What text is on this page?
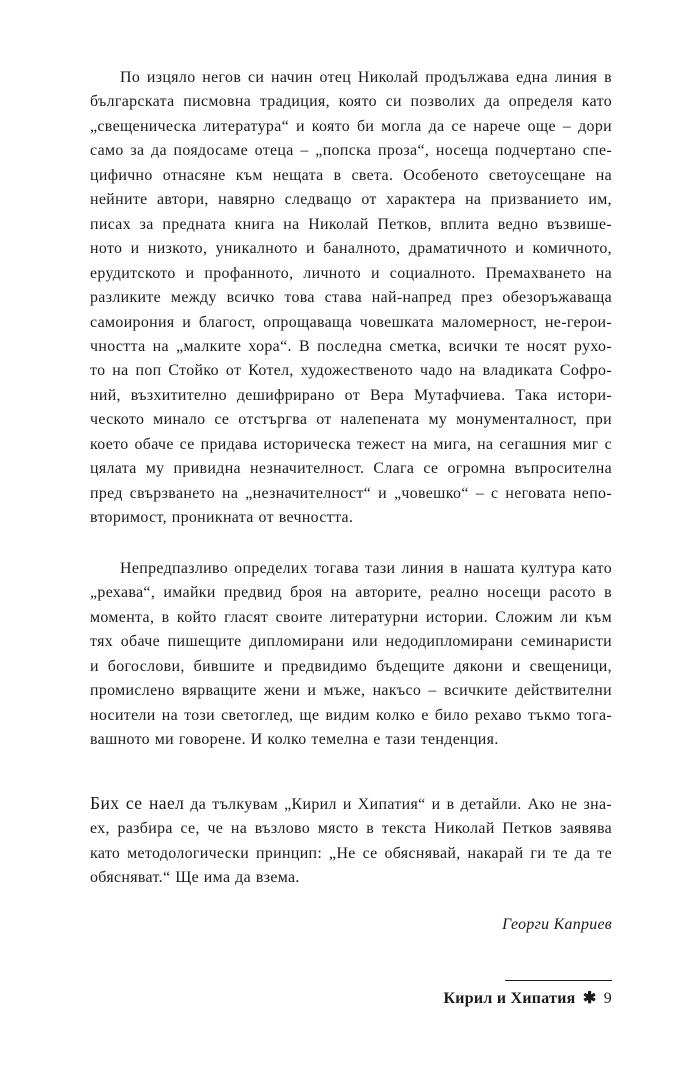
По изцяло негов си начин отец Николай продължава една линия в
българската писмовна традиция, която си позволих да определя като
„свещеническа литература“ и която би могла да се нарече още – дори
само за да поядосаме отеца – „попска проза“, носеща подчертано спе-
цифично отнасяне към нещата в света. Особеното светоусещане на
нейните автори, навярно следващо от характера на призванието им,
писах за предната книга на Николай Петков, вплита ведно възвише-
ното и низкото, уникалното и баналното, драматичното и комичното,
ерудитското и профанното, личното и социалното. Премахването на
разликите между всичко това става най-напред през обезоръжаваща
самоирония и благост, опрощаваща човешката маломерност, не-герои-
чността на „малките хора“. В последна сметка, всички те носят рухо-
то на поп Стойко от Котел, художественото чадо на владиката Софро-
ний, възхитително дешифрирано от Вера Мутафчиева. Така истори-
ческото минало се отстъргва от налепената му монументалност, при
което обаче се придава историческа тежест на мига, на сегашния миг с
цялата му привидна незначителност. Слага се огромна въпросителна
пред свързването на „незначителност“ и „човешко“ – с неговата непо-
вторимост, проникната от вечността.
Непредпазливо определих тогава тази линия в нашата култура като
„рехава“, имайки предвид броя на авторите, реално носещи расото в
момента, в който гласят своите литературни истории. Сложим ли към
тях обаче пишещите дипломирани или недодипломирани семинаристи
и богослови, бившите и предвидимо бъдещите дякони и свещеници,
промислено вярващите жени и мъже, накъсо – всичките действителни
носители на този светоглед, ще видим колко е било рехаво тъкмо тога-
вашното ми говорене. И колко темелна е тази тенденция.
Бих се наел да тълкувам „Кирил и Хипатия“ и в детайли. Ако не зна-
ех, разбира се, че на възлово място в текста Николай Петков заявява
като методологически принцип: „Не се обяснявай, накарай ги те да те
обясняват.“ Ще има да взема.

Георги Каприев

Кирил и Хипатия ✱ 9
